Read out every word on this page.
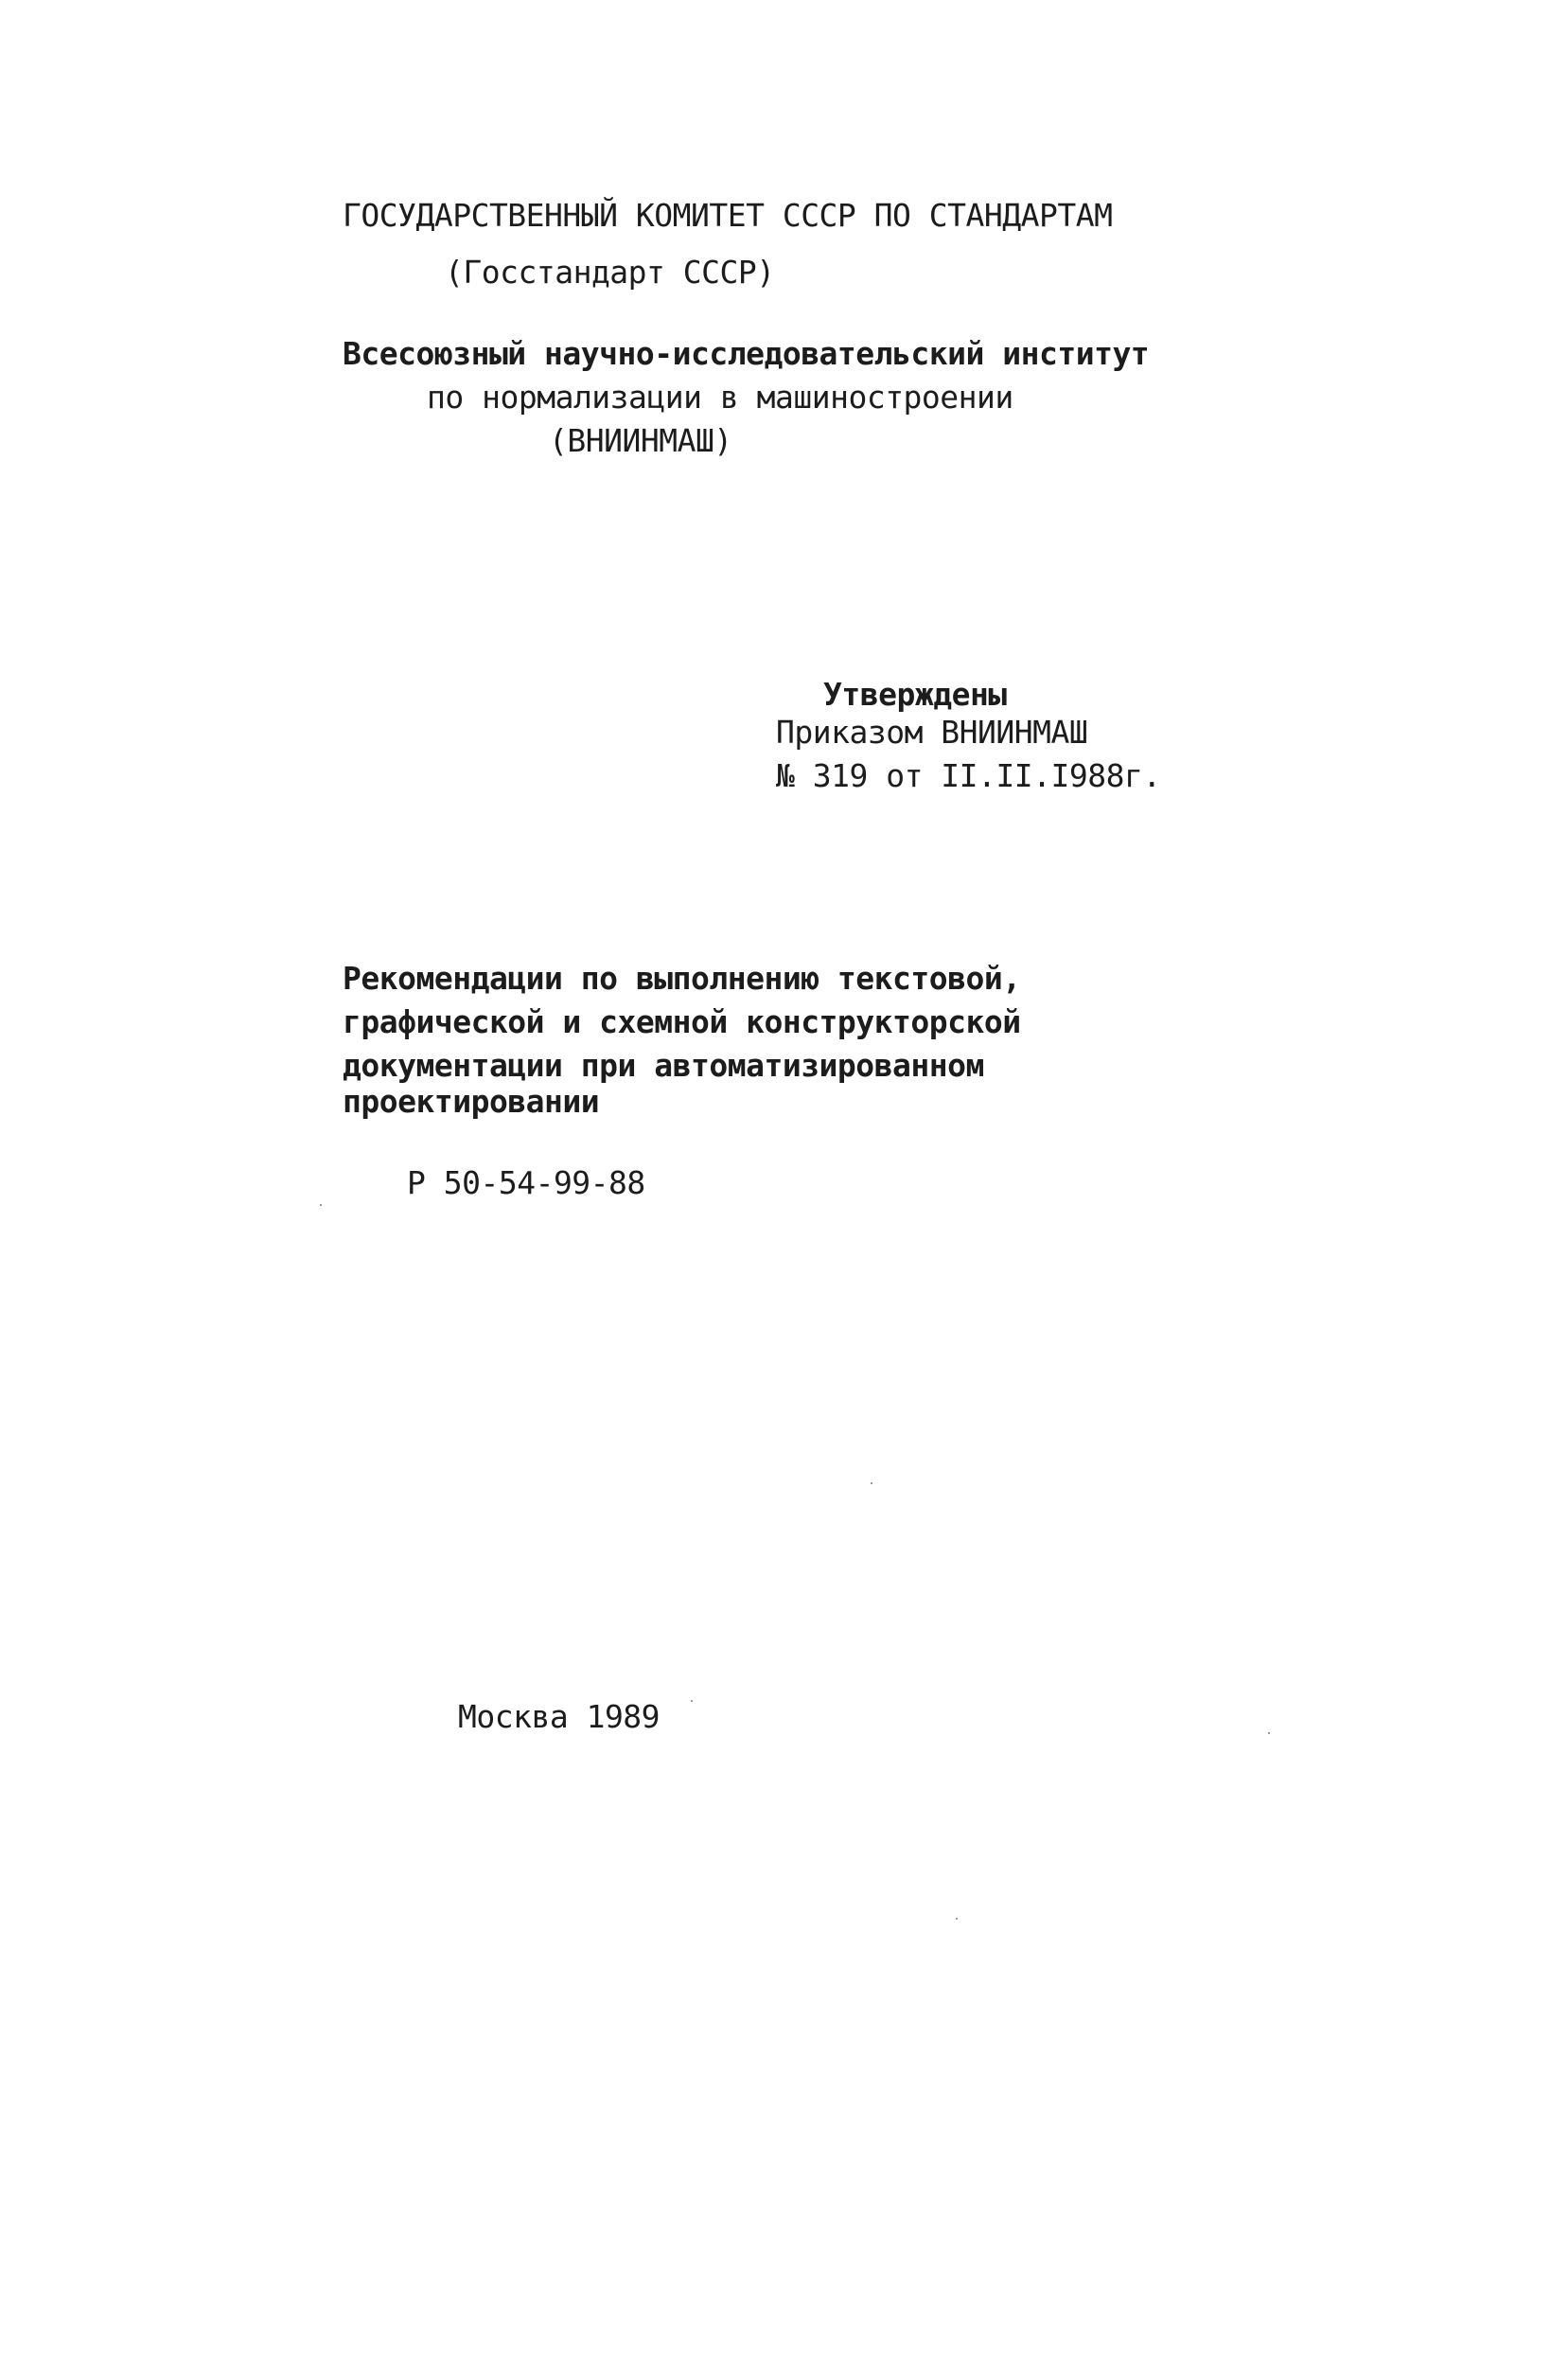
ГОСУДАРСТВЕННЫЙ КОМИТЕТ СССР ПО СТАНДАРТАМ
(Госстандарт СССР)
Всесоюзный научно-исследовательский институт
по нормализации в машиностроении
(ВНИИНМАШ)
Утверждены
Приказом ВНИИНМАШ
№ 319 от II.II.I988г.
Рекомендации по выполнению текстовой,
графической и схемной конструкторской
документации при автоматизированном
проектировании
Р 50-54-99-88
Москва 1989
